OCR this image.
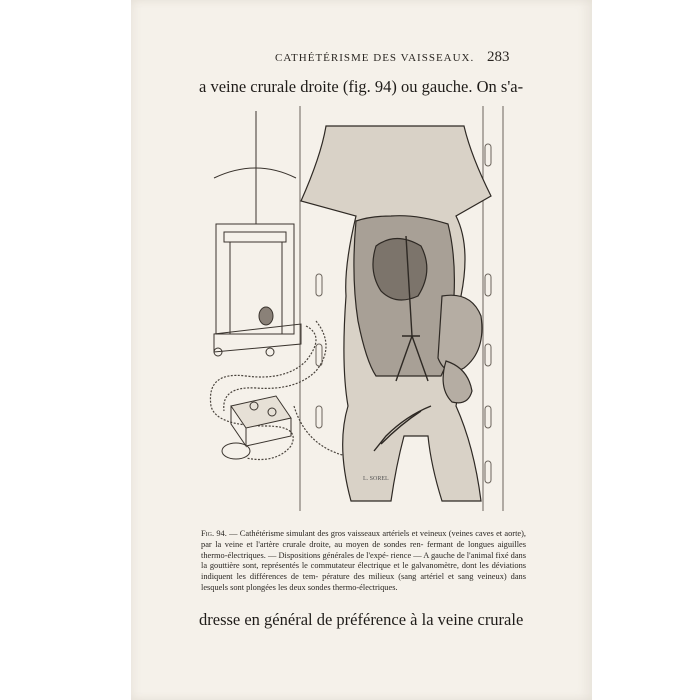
CATHÉTÉRISME DES VAISSEAUX. 283
a veine crurale droite (fig. 94) ou gauche. On s'a-
L. SOREL
Fig. 94. — Cathétérisme simulant des gros vaisseaux artériels et veineux (veines caves et aorte), par la veine et l'artère crurale droite, au moyen de sondes ren- fermant de longues aiguilles thermo-électriques. — Dispositions générales de l'expé- rience — A gauche de l'animal fixé dans la gouttière sont, représentés le commutateur électrique et le galvanomètre, dont les déviations indiquent les différences de tem- pérature des milieux (sang artériel et sang veineux) dans lesquels sont plongées les deux sondes thermo-électriques.
dresse en général de préférence à la veine crurale
